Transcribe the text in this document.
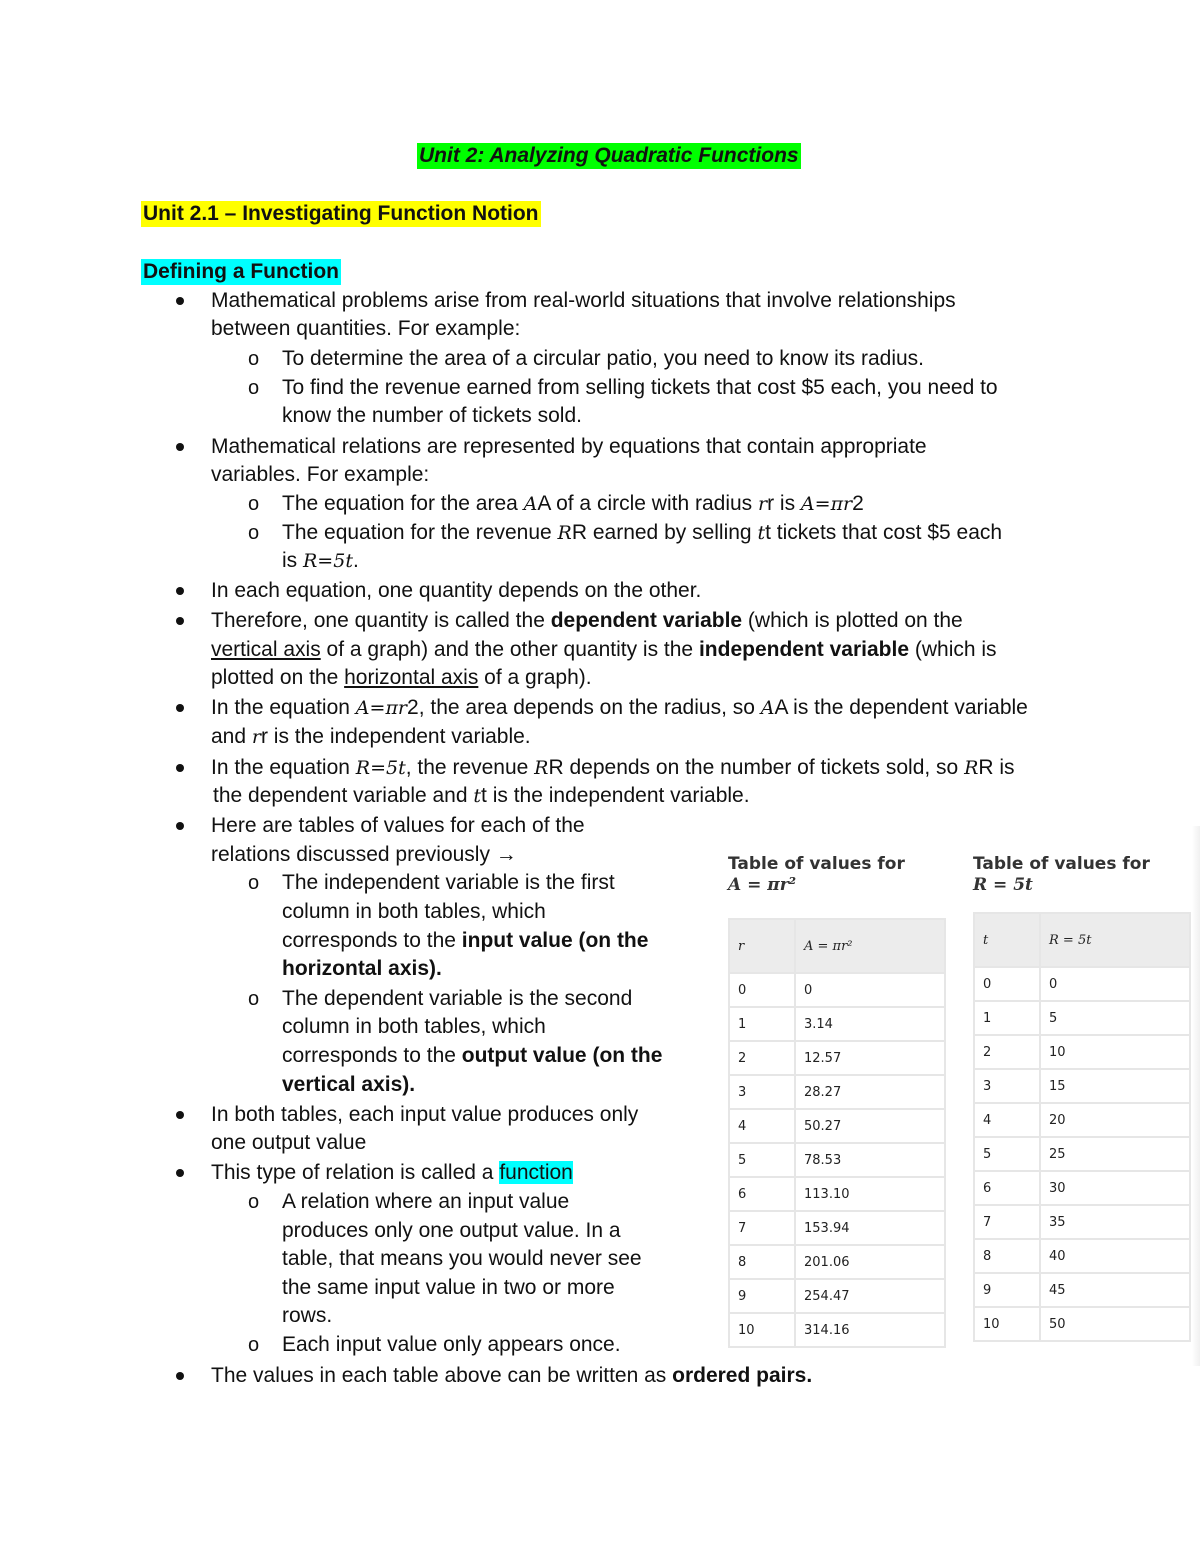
Unit 2: Analyzing Quadratic Functions
Unit 2.1 – Investigating Function Notion
Defining a Function
Mathematical problems arise from real-world situations that involve relationships
between quantities. For example:
o To determine the area of a circular patio, you need to know its radius.
o To find the revenue earned from selling tickets that cost $5 each, you need to
know the number of tickets sold.
Mathematical relations are represented by equations that contain appropriate
variables. For example:
o The equation for the area AA of a circle with radius rr is A=πr2
o The equation for the revenue RR earned by selling tt tickets that cost $5 each
is R=5t.
In each equation, one quantity depends on the other.
Therefore, one quantity is called the dependent variable (which is plotted on the
vertical axis of a graph) and the other quantity is the independent variable (which is
plotted on the horizontal axis of a graph).
In the equation A=πr2, the area depends on the radius, so AA is the dependent variable
and rr is the independent variable.
In the equation R=5t, the revenue RR depends on the number of tickets sold, so RR is
the dependent variable and tt is the independent variable.
Here are tables of values for each of the
relations discussed previously →
o The independent variable is the first
column in both tables, which
corresponds to the input value (on the
horizontal axis).
o The dependent variable is the second
column in both tables, which
corresponds to the output value (on the
vertical axis).
In both tables, each input value produces only
one output value
This type of relation is called a function
o A relation where an input value
produces only one output value. In a
table, that means you would never see
the same input value in two or more
rows.
o Each input value only appears once.
The values in each table above can be written as ordered pairs.
Table of values for
A = πr²
r	A = πr²
0	0
1	3.14
2	12.57
3	28.27
4	50.27
5	78.53
6	113.10
7	153.94
8	201.06
9	254.47
10	314.16
Table of values for
R = 5t
t	R = 5t
0	0
1	5
2	10
3	15
4	20
5	25
6	30
7	35
8	40
9	45
10	50
